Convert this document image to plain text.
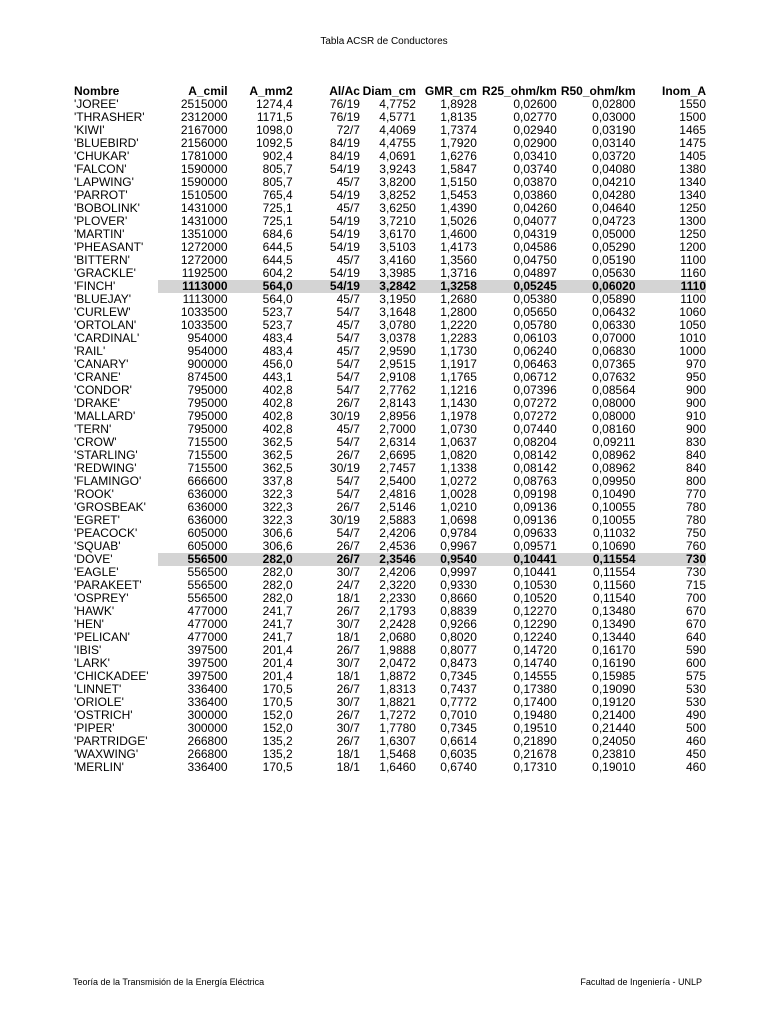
Tabla ACSR de Conductores
Nombre	A_cmil	A_mm2	Al/Ac	Diam_cm	GMR_cm	R25_ohm/km	R50_ohm/km	Inom_A
'JOREE'	2515000	1274,4	76/19	4,7752	1,8928	0,02600	0,02800	1550
'THRASHER'	2312000	1171,5	76/19	4,5771	1,8135	0,02770	0,03000	1500
'KIWI'	2167000	1098,0	72/7	4,4069	1,7374	0,02940	0,03190	1465
'BLUEBIRD'	2156000	1092,5	84/19	4,4755	1,7920	0,02900	0,03140	1475
'CHUKAR'	1781000	902,4	84/19	4,0691	1,6276	0,03410	0,03720	1405
'FALCON'	1590000	805,7	54/19	3,9243	1,5847	0,03740	0,04080	1380
'LAPWING'	1590000	805,7	45/7	3,8200	1,5150	0,03870	0,04210	1340
'PARROT'	1510500	765,4	54/19	3,8252	1,5453	0,03860	0,04280	1340
'BOBOLINK'	1431000	725,1	45/7	3,6250	1,4390	0,04260	0,04640	1250
'PLOVER'	1431000	725,1	54/19	3,7210	1,5026	0,04077	0,04723	1300
'MARTIN'	1351000	684,6	54/19	3,6170	1,4600	0,04319	0,05000	1250
'PHEASANT'	1272000	644,5	54/19	3,5103	1,4173	0,04586	0,05290	1200
'BITTERN'	1272000	644,5	45/7	3,4160	1,3560	0,04750	0,05190	1100
'GRACKLE'	1192500	604,2	54/19	3,3985	1,3716	0,04897	0,05630	1160
'FINCH'	1113000	564,0	54/19	3,2842	1,3258	0,05245	0,06020	1110
'BLUEJAY'	1113000	564,0	45/7	3,1950	1,2680	0,05380	0,05890	1100
'CURLEW'	1033500	523,7	54/7	3,1648	1,2800	0,05650	0,06432	1060
'ORTOLAN'	1033500	523,7	45/7	3,0780	1,2220	0,05780	0,06330	1050
'CARDINAL'	954000	483,4	54/7	3,0378	1,2283	0,06103	0,07000	1010
'RAIL'	954000	483,4	45/7	2,9590	1,1730	0,06240	0,06830	1000
'CANARY'	900000	456,0	54/7	2,9515	1,1917	0,06463	0,07365	970
'CRANE'	874500	443,1	54/7	2,9108	1,1765	0,06712	0,07632	950
'CONDOR'	795000	402,8	54/7	2,7762	1,1216	0,07396	0,08564	900
'DRAKE'	795000	402,8	26/7	2,8143	1,1430	0,07272	0,08000	900
'MALLARD'	795000	402,8	30/19	2,8956	1,1978	0,07272	0,08000	910
'TERN'	795000	402,8	45/7	2,7000	1,0730	0,07440	0,08160	900
'CROW'	715500	362,5	54/7	2,6314	1,0637	0,08204	0,09211	830
'STARLING'	715500	362,5	26/7	2,6695	1,0820	0,08142	0,08962	840
'REDWING'	715500	362,5	30/19	2,7457	1,1338	0,08142	0,08962	840
'FLAMINGO'	666600	337,8	54/7	2,5400	1,0272	0,08763	0,09950	800
'ROOK'	636000	322,3	54/7	2,4816	1,0028	0,09198	0,10490	770
'GROSBEAK'	636000	322,3	26/7	2,5146	1,0210	0,09136	0,10055	780
'EGRET'	636000	322,3	30/19	2,5883	1,0698	0,09136	0,10055	780
'PEACOCK'	605000	306,6	54/7	2,4206	0,9784	0,09633	0,11032	750
'SQUAB'	605000	306,6	26/7	2,4536	0,9967	0,09571	0,10690	760
'DOVE'	556500	282,0	26/7	2,3546	0,9540	0,10441	0,11554	730
'EAGLE'	556500	282,0	30/7	2,4206	0,9997	0,10441	0,11554	730
'PARAKEET'	556500	282,0	24/7	2,3220	0,9330	0,10530	0,11560	715
'OSPREY'	556500	282,0	18/1	2,2330	0,8660	0,10520	0,11540	700
'HAWK'	477000	241,7	26/7	2,1793	0,8839	0,12270	0,13480	670
'HEN'	477000	241,7	30/7	2,2428	0,9266	0,12290	0,13490	670
'PELICAN'	477000	241,7	18/1	2,0680	0,8020	0,12240	0,13440	640
'IBIS'	397500	201,4	26/7	1,9888	0,8077	0,14720	0,16170	590
'LARK'	397500	201,4	30/7	2,0472	0,8473	0,14740	0,16190	600
'CHICKADEE'	397500	201,4	18/1	1,8872	0,7345	0,14555	0,15985	575
'LINNET'	336400	170,5	26/7	1,8313	0,7437	0,17380	0,19090	530
'ORIOLE'	336400	170,5	30/7	1,8821	0,7772	0,17400	0,19120	530
'OSTRICH'	300000	152,0	26/7	1,7272	0,7010	0,19480	0,21400	490
'PIPER'	300000	152,0	30/7	1,7780	0,7345	0,19510	0,21440	500
'PARTRIDGE'	266800	135,2	26/7	1,6307	0,6614	0,21890	0,24050	460
'WAXWING'	266800	135,2	18/1	1,5468	0,6035	0,21678	0,23810	450
'MERLIN'	336400	170,5	18/1	1,6460	0,6740	0,17310	0,19010	460
Teoría de la Transmisión de la Energía Eléctrica	Facultad de Ingeniería - UNLP
